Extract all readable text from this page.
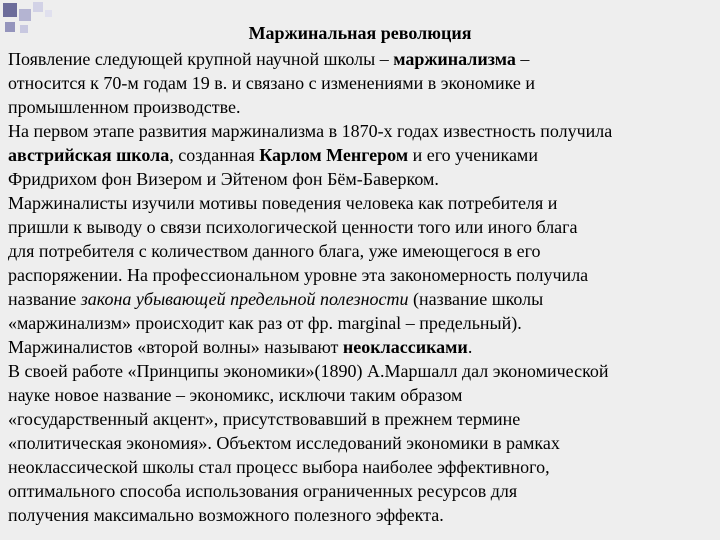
Маржинальная революция

Появление следующей крупной научной школы – маржинализма –
относится к 70-м годам 19 в. и связано с изменениями в экономике и
промышленном производстве.

На первом этапе развития маржинализма в 1870-х годах известность получила
австрийская школа, созданная Карлом Менгером и его учениками
Фридрихом фон Визером и Эйтеном фон Бём-Баверком.

Маржиналисты изучили мотивы поведения человека как потребителя и
пришли к выводу о связи психологической ценности того или иного блага
для потребителя с количеством данного блага, уже имеющегося в его
распоряжении. На профессиональном уровне эта закономерность получила
название закона убывающей предельной полезности (название школы
«маржинализм» происходит как раз от фр. marginal – предельный).

Маржиналистов «второй волны» называют неоклассиками.

В своей работе «Принципы экономики»(1890) А.Маршалл дал экономической
науке новое название – экономикс, исключи таким образом
«государственный акцент», присутствовавший в прежнем термине
«политическая экономия». Объектом исследований экономики в рамках
неоклассической школы стал процесс выбора наиболее эффективного,
оптимального способа использования ограниченных ресурсов для
получения максимально возможного полезного эффекта.
